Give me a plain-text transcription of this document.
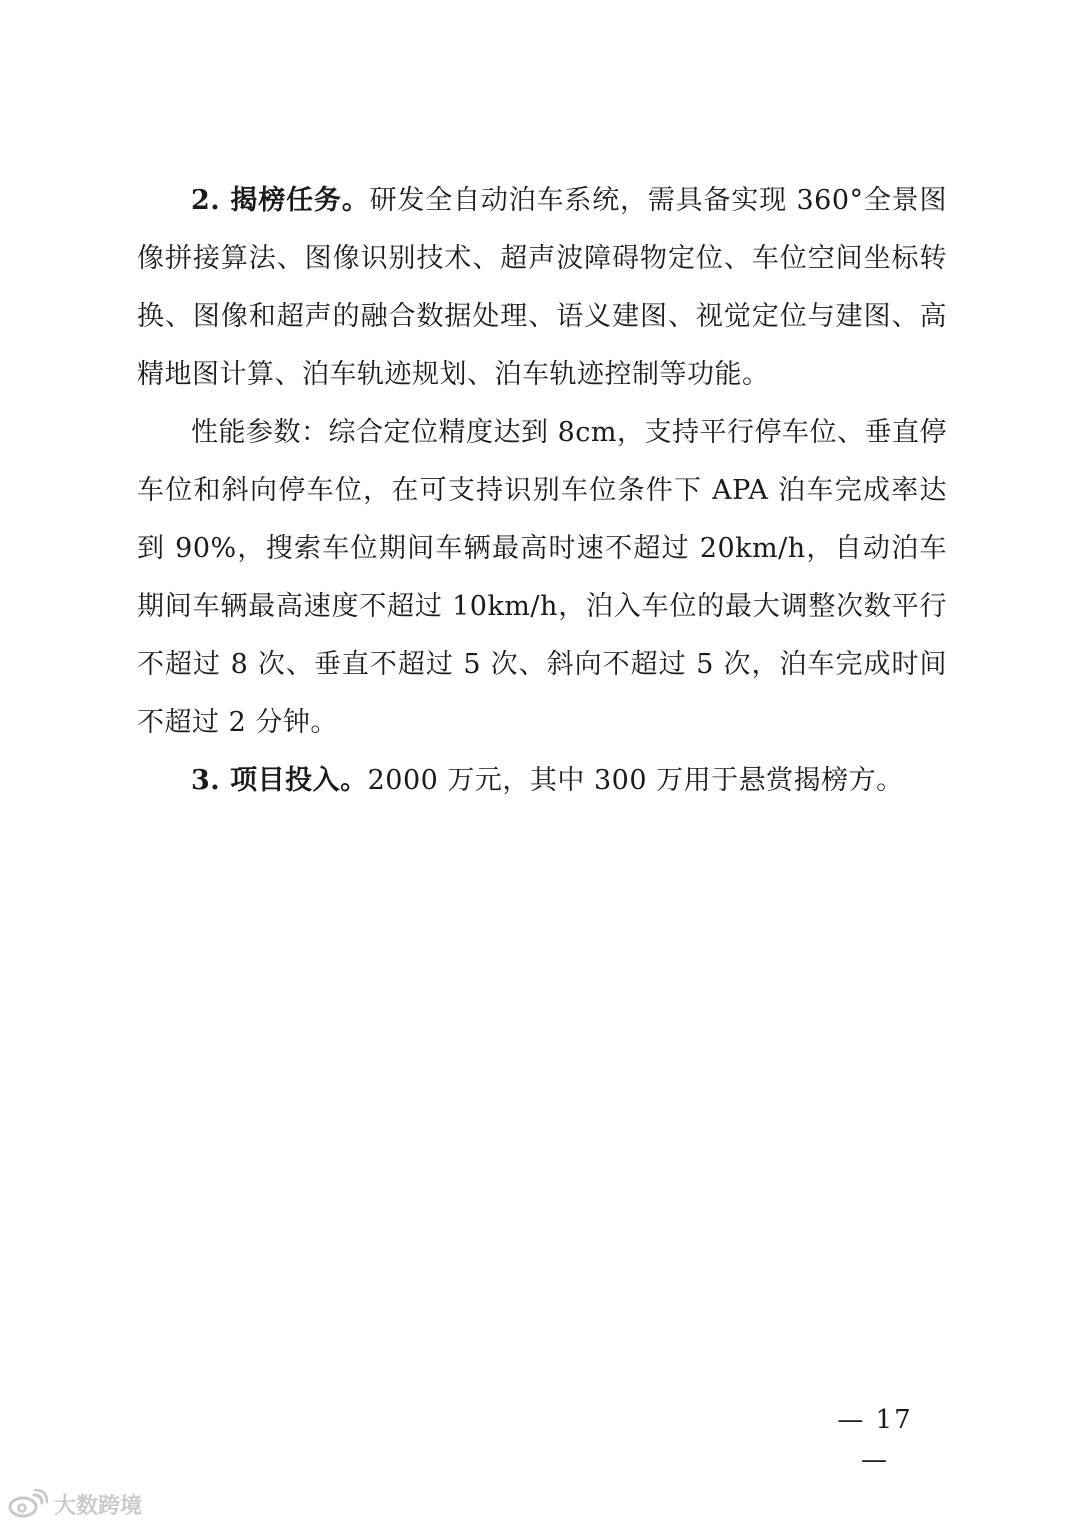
2. 揭榜任务。研发全自动泊车系统，需具备实现 360°全景图像拼接算法、图像识别技术、超声波障碍物定位、车位空间坐标转换、图像和超声的融合数据处理、语义建图、视觉定位与建图、高精地图计算、泊车轨迹规划、泊车轨迹控制等功能。

性能参数：综合定位精度达到 8cm，支持平行停车位、垂直停车位和斜向停车位，在可支持识别车位条件下 APA 泊车完成率达到 90%，搜索车位期间车辆最高时速不超过 20km/h，自动泊车期间车辆最高速度不超过 10km/h，泊入车位的最大调整次数平行不超过 8 次、垂直不超过 5 次、斜向不超过 5 次，泊车完成时间不超过 2 分钟。

3. 项目投入。2000 万元，其中 300 万用于悬赏揭榜方。

— 17 —
大数跨境
